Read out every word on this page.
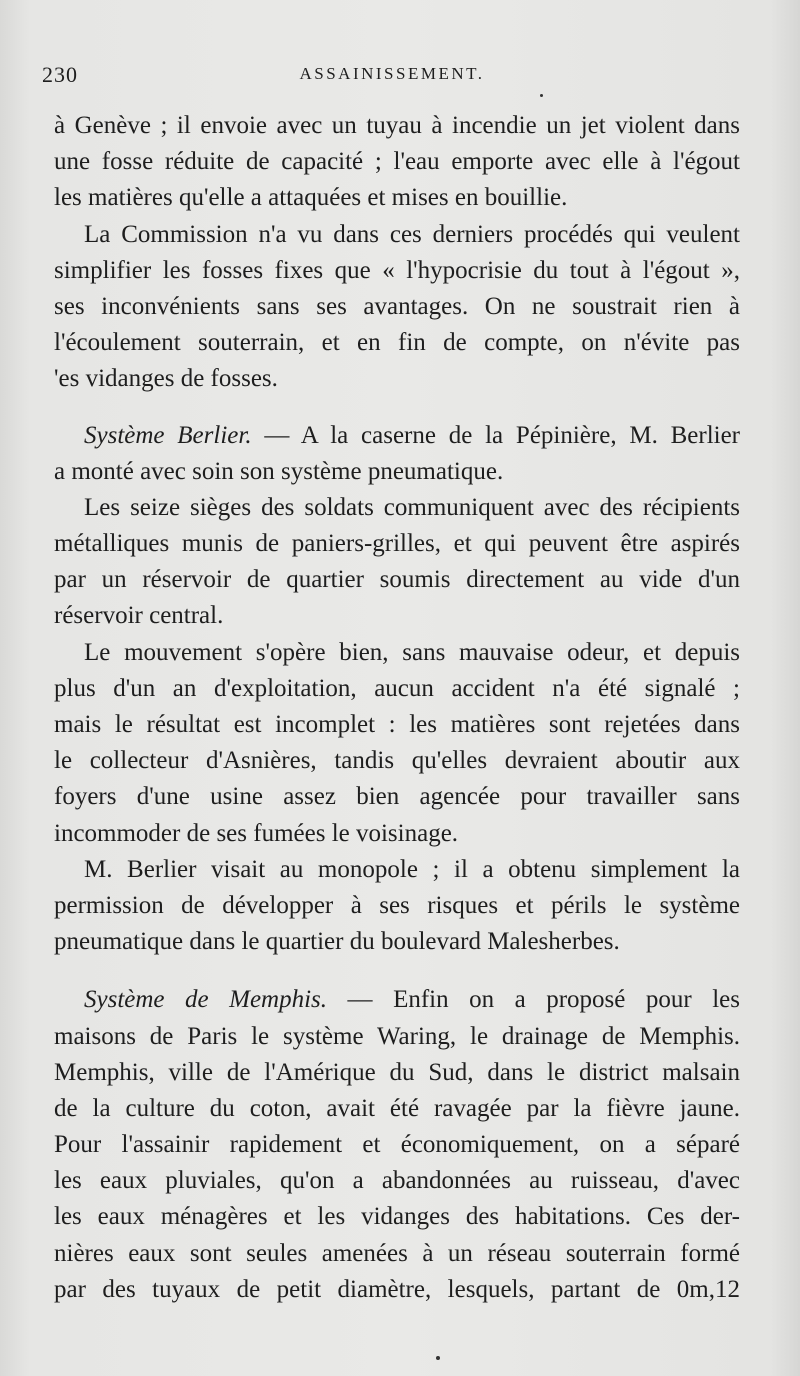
230	ASSAINISSEMENT.
à Genève ; il envoie avec un tuyau à incendie un jet violent dans
une fosse réduite de capacité ; l'eau emporte avec elle à l'égout
les matières qu'elle a attaquées et mises en bouillie.
La Commission n'a vu dans ces derniers procédés qui veulent
simplifier les fosses fixes que « l'hypocrisie du tout à l'égout »,
ses inconvénients sans ses avantages. On ne soustrait rien à
l'écoulement souterrain, et en fin de compte, on n'évite pas
'es vidanges de fosses.
Système Berlier. — A la caserne de la Pépinière, M. Berlier
a monté avec soin son système pneumatique.
Les seize sièges des soldats communiquent avec des récipients
métalliques munis de paniers-grilles, et qui peuvent être aspirés
par un réservoir de quartier soumis directement au vide d'un
réservoir central.
Le mouvement s'opère bien, sans mauvaise odeur, et depuis
plus d'un an d'exploitation, aucun accident n'a été signalé ;
mais le résultat est incomplet : les matières sont rejetées dans
le collecteur d'Asnières, tandis qu'elles devraient aboutir aux
foyers d'une usine assez bien agencée pour travailler sans
incommoder de ses fumées le voisinage.
M. Berlier visait au monopole ; il a obtenu simplement la
permission de développer à ses risques et périls le système
pneumatique dans le quartier du boulevard Malesherbes.
Système de Memphis. — Enfin on a proposé pour les
maisons de Paris le système Waring, le drainage de Memphis.
Memphis, ville de l'Amérique du Sud, dans le district malsain
de la culture du coton, avait été ravagée par la fièvre jaune.
Pour l'assainir rapidement et économiquement, on a séparé
les eaux pluviales, qu'on a abandonnées au ruisseau, d'avec
les eaux ménagères et les vidanges des habitations. Ces der-
nières eaux sont seules amenées à un réseau souterrain formé
par des tuyaux de petit diamètre, lesquels, partant de 0m,12
